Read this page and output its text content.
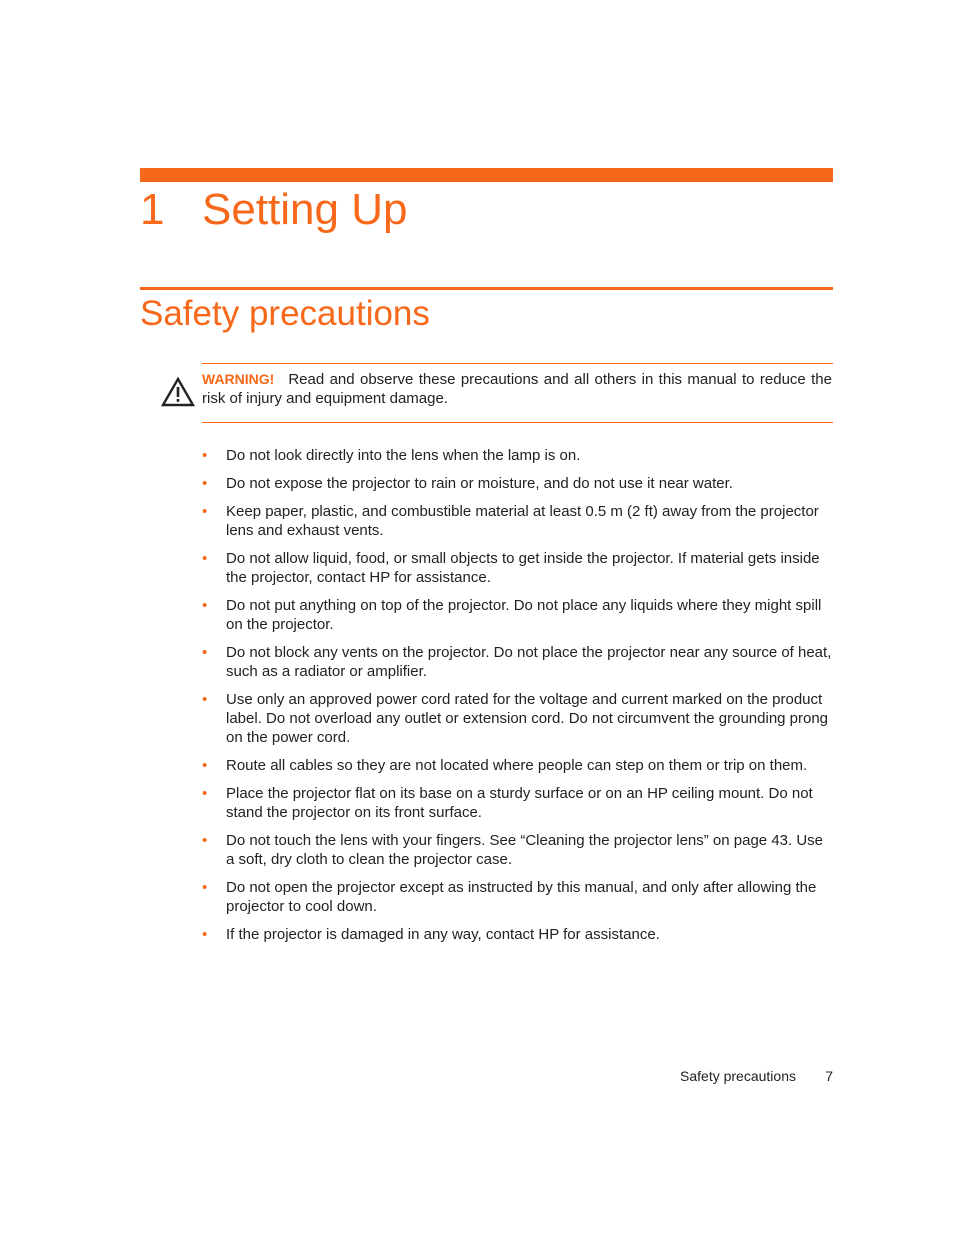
1 Setting Up
Safety precautions
WARNING! Read and observe these precautions and all others in this manual to reduce the risk of injury and equipment damage.
• Do not look directly into the lens when the lamp is on.
• Do not expose the projector to rain or moisture, and do not use it near water.
• Keep paper, plastic, and combustible material at least 0.5 m (2 ft) away from the projector lens and exhaust vents.
• Do not allow liquid, food, or small objects to get inside the projector. If material gets inside the projector, contact HP for assistance.
• Do not put anything on top of the projector. Do not place any liquids where they might spill on the projector.
• Do not block any vents on the projector. Do not place the projector near any source of heat, such as a radiator or amplifier.
• Use only an approved power cord rated for the voltage and current marked on the product label. Do not overload any outlet or extension cord. Do not circumvent the grounding prong on the power cord.
• Route all cables so they are not located where people can step on them or trip on them.
• Place the projector flat on its base on a sturdy surface or on an HP ceiling mount. Do not stand the projector on its front surface.
• Do not touch the lens with your fingers. See “Cleaning the projector lens” on page 43. Use a soft, dry cloth to clean the projector case.
• Do not open the projector except as instructed by this manual, and only after allowing the projector to cool down.
• If the projector is damaged in any way, contact HP for assistance.
Safety precautions	7
